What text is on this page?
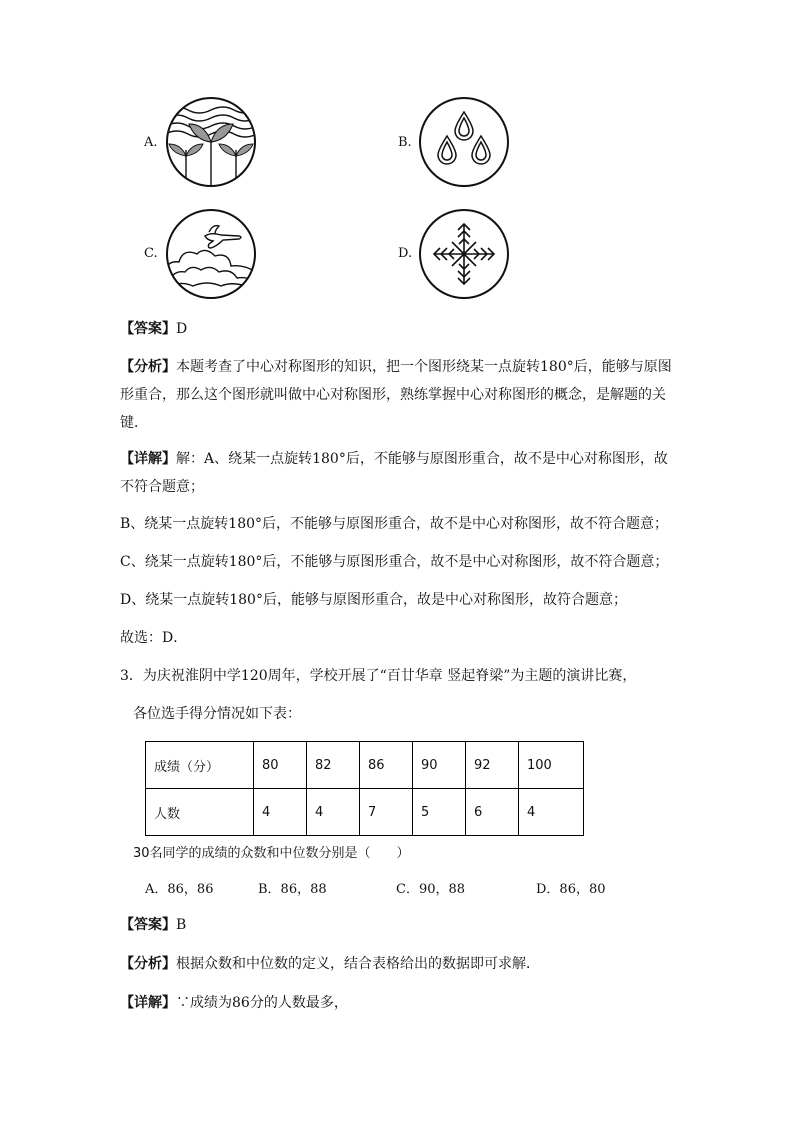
A.	B.
C.	D.
【答案】D
【分析】本题考查了中心对称图形的知识，把一个图形绕某一点旋转180°后，能够与原图形重合，那么这个图形就叫做中心对称图形，熟练掌握中心对称图形的概念，是解题的关键．
【详解】解：A、绕某一点旋转180°后，不能够与原图形重合，故不是中心对称图形，故不符合题意；
B、绕某一点旋转180°后，不能够与原图形重合，故不是中心对称图形，故不符合题意；
C、绕某一点旋转180°后，不能够与原图形重合，故不是中心对称图形，故不符合题意；
D、绕某一点旋转180°后，能够与原图形重合，故是中心对称图形，故符合题意；
故选：D．
3．为庆祝淮阴中学120周年，学校开展了“百廿华章 竖起脊梁”为主题的演讲比赛，
各位选手得分情况如下表：
成绩（分）	80	82	86	90	92	100
人数	4	4	7	5	6	4
30名同学的成绩的众数和中位数分别是（　　）
A．86，86	B．86，88	C．90，88	D．86，80
【答案】B
【分析】根据众数和中位数的定义，结合表格给出的数据即可求解．
【详解】∵成绩为86分的人数最多，
